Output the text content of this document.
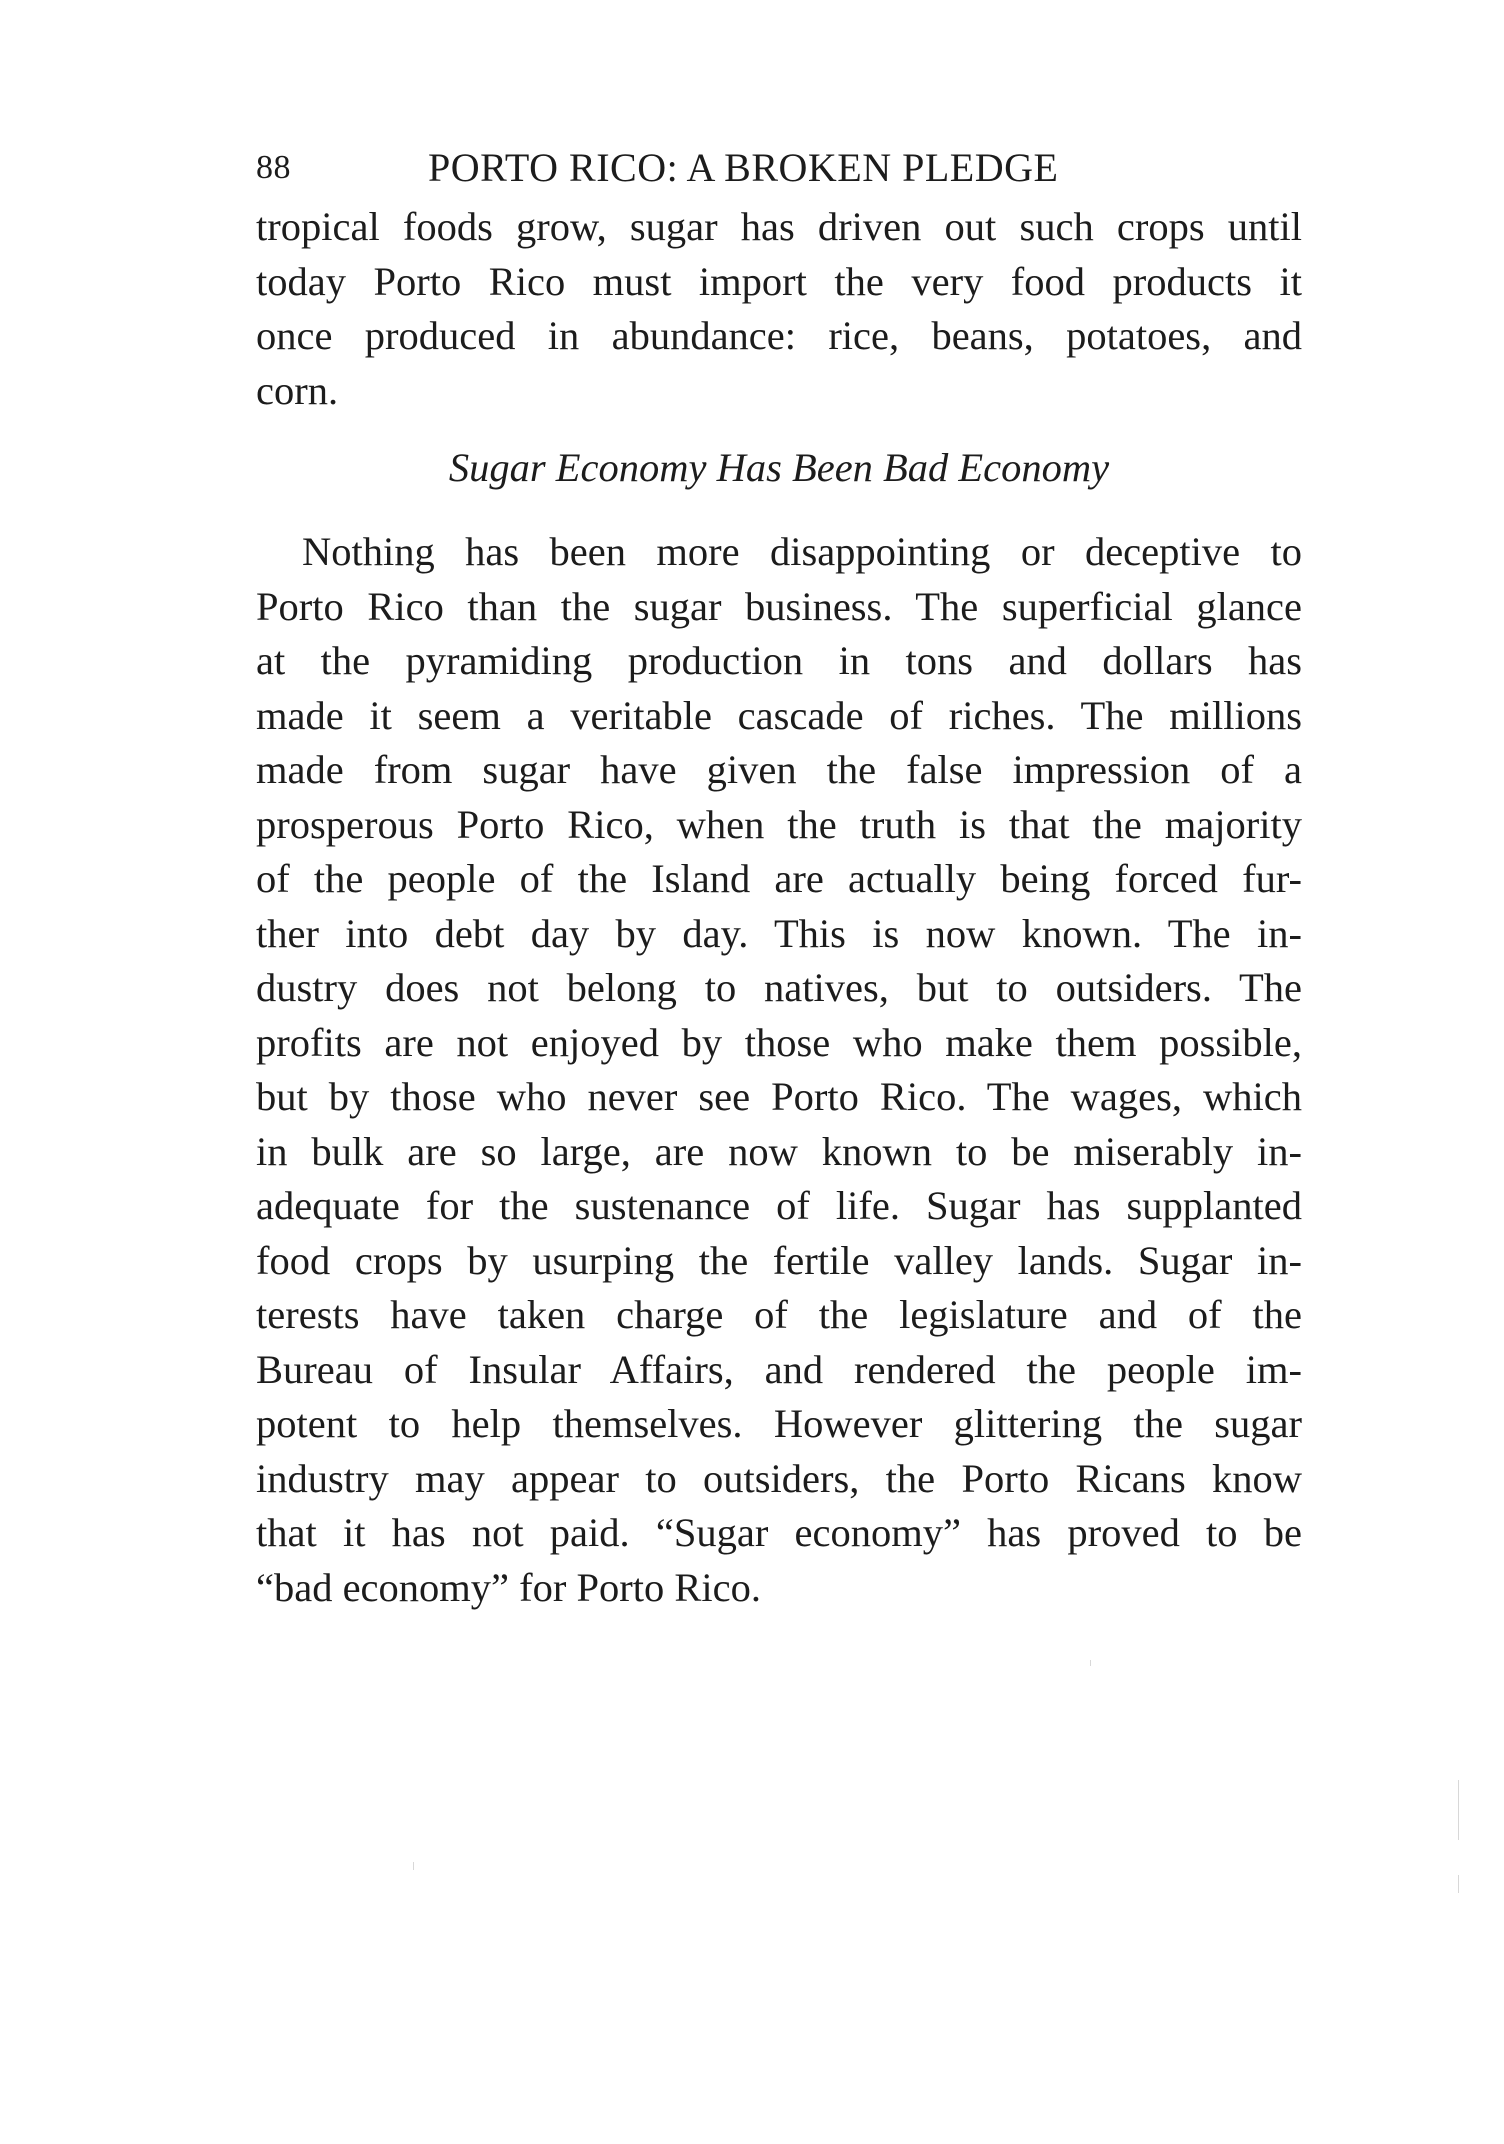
88	PORTO RICO: A BROKEN PLEDGE
tropical foods grow, sugar has driven out such crops until
today Porto Rico must import the very food products it
once produced in abundance: rice, beans, potatoes, and
corn.
Sugar Economy Has Been Bad Economy
Nothing has been more disappointing or deceptive to
Porto Rico than the sugar business. The superficial glance
at the pyramiding production in tons and dollars has
made it seem a veritable cascade of riches. The millions
made from sugar have given the false impression of a
prosperous Porto Rico, when the truth is that the majority
of the people of the Island are actually being forced fur-
ther into debt day by day. This is now known. The in-
dustry does not belong to natives, but to outsiders. The
profits are not enjoyed by those who make them possible,
but by those who never see Porto Rico. The wages, which
in bulk are so large, are now known to be miserably in-
adequate for the sustenance of life. Sugar has supplanted
food crops by usurping the fertile valley lands. Sugar in-
terests have taken charge of the legislature and of the
Bureau of Insular Affairs, and rendered the people im-
potent to help themselves. However glittering the sugar
industry may appear to outsiders, the Porto Ricans know
that it has not paid. “Sugar economy” has proved to be
“bad economy” for Porto Rico.
